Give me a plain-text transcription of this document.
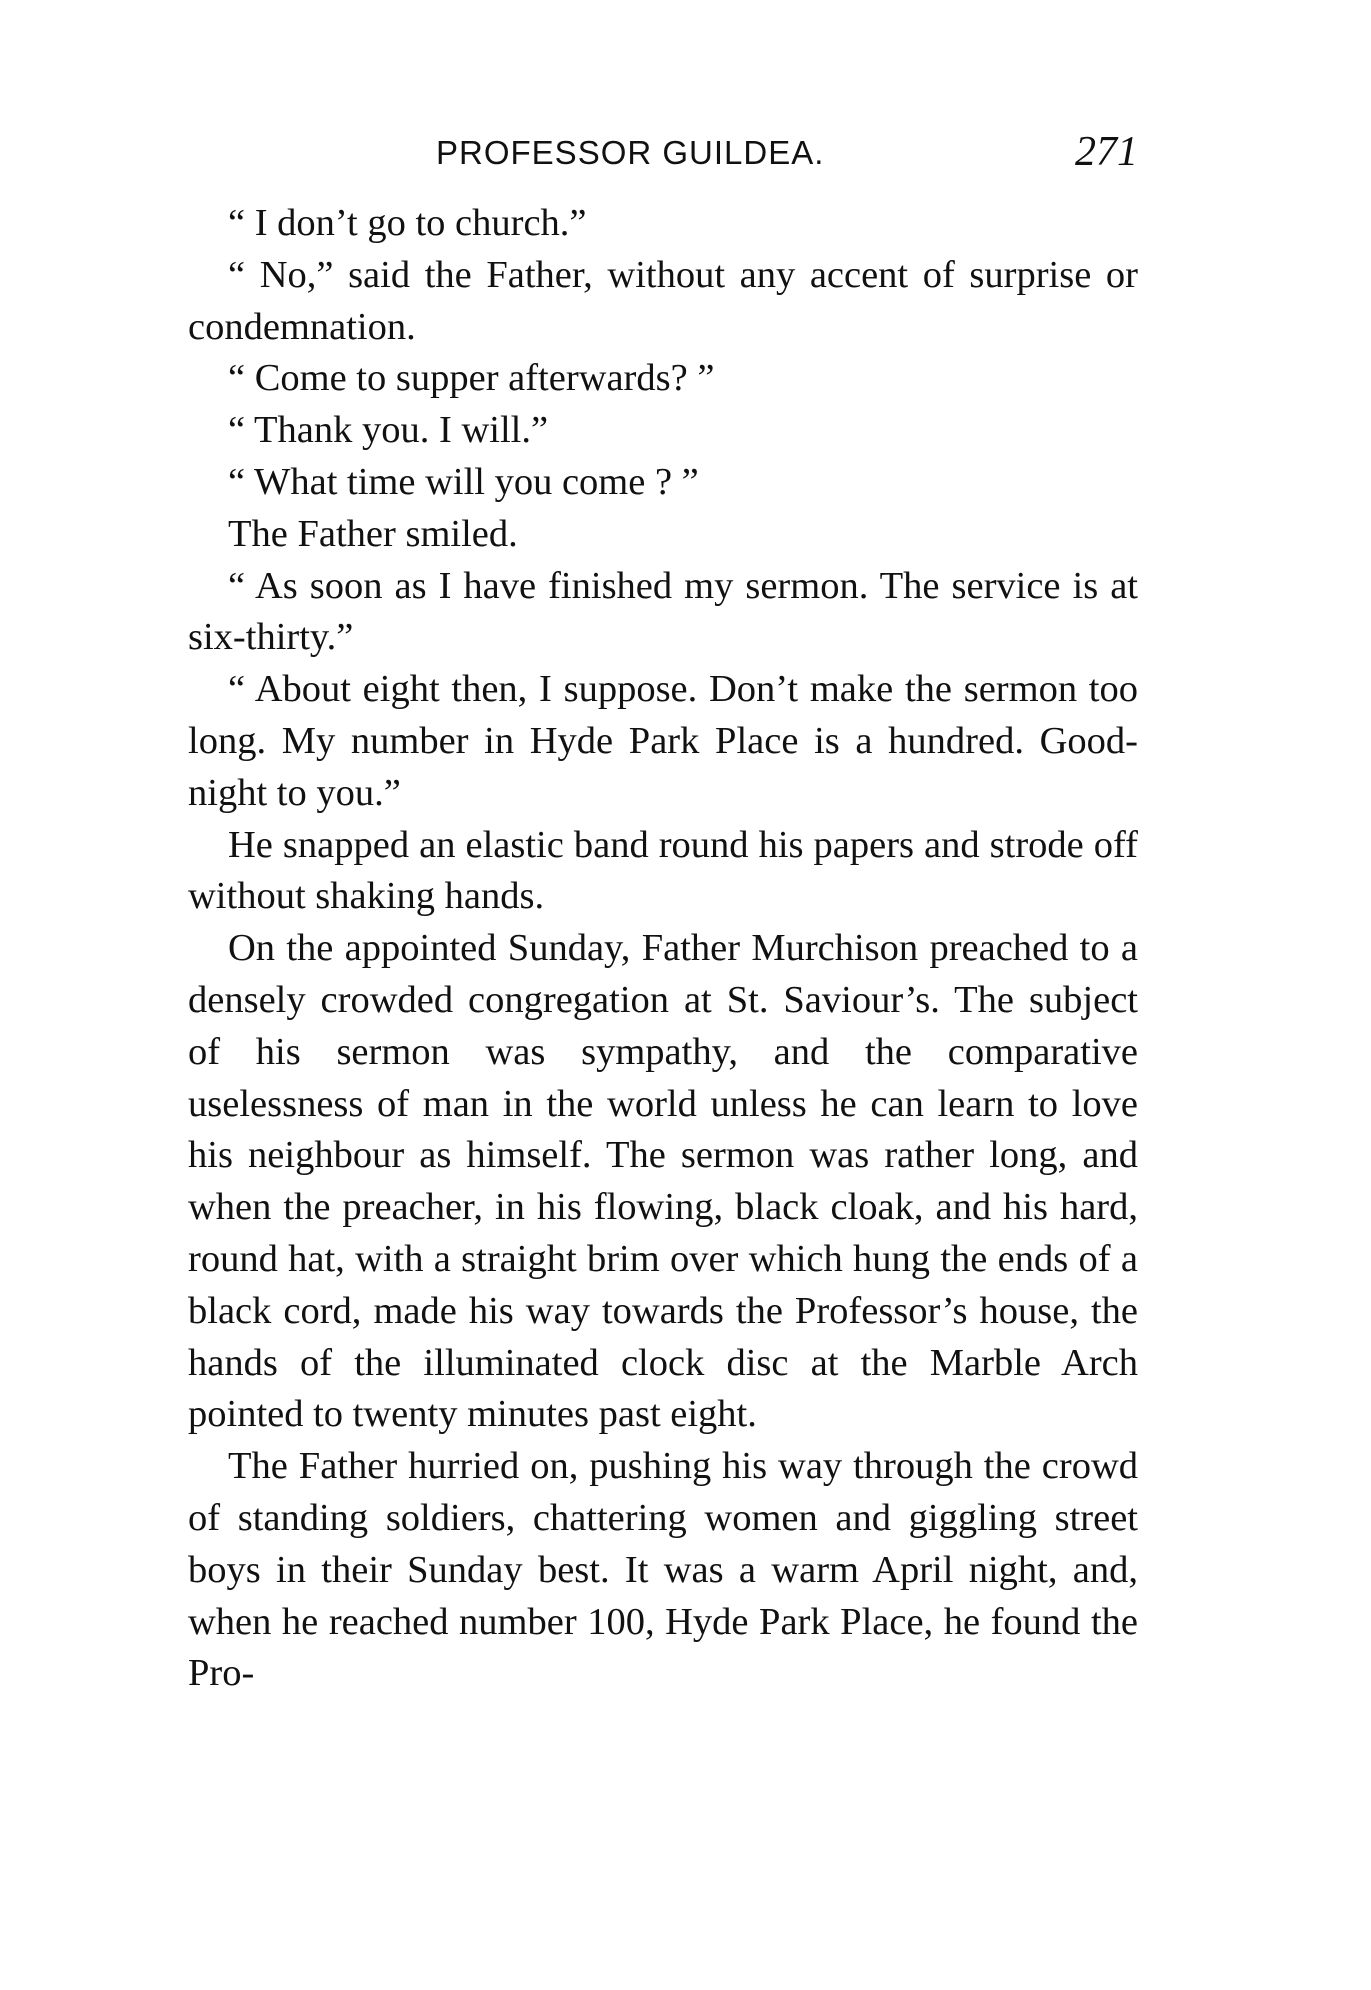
PROFESSOR GUILDEA.	271

“ I don’t go to church.”

“ No,” said the Father, without any accent of surprise or condemnation.

“ Come to supper afterwards? ”

“ Thank you. I will.”

“ What time will you come ? ”

The Father smiled.

“ As soon as I have finished my sermon. The service is at six-thirty.”

“ About eight then, I suppose. Don’t make the sermon too long. My number in Hyde Park Place is a hundred. Good-night to you.”

He snapped an elastic band round his papers and strode off without shaking hands.

On the appointed Sunday, Father Murchison preached to a densely crowded congregation at St. Saviour’s. The subject of his sermon was sympathy, and the comparative uselessness of man in the world unless he can learn to love his neighbour as himself. The sermon was rather long, and when the preacher, in his flowing, black cloak, and his hard, round hat, with a straight brim over which hung the ends of a black cord, made his way towards the Professor’s house, the hands of the illuminated clock disc at the Marble Arch pointed to twenty minutes past eight.

The Father hurried on, pushing his way through the crowd of standing soldiers, chattering women and giggling street boys in their Sunday best. It was a warm April night, and, when he reached number 100, Hyde Park Place, he found the Pro-
